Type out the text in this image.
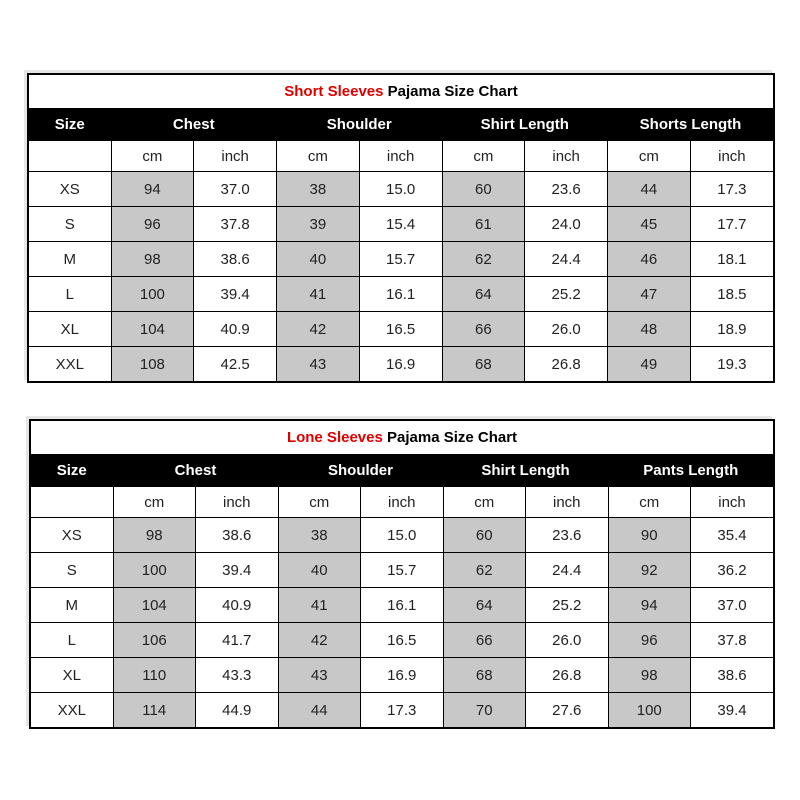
Short Sleeves Pajama Size Chart
Size	Chest		Shoulder		Shirt Length		Shorts Length	
	cm	inch	cm	inch	cm	inch	cm	inch
XS	94	37.0	38	15.0	60	23.6	44	17.3
S	96	37.8	39	15.4	61	24.0	45	17.7
M	98	38.6	40	15.7	62	24.4	46	18.1
L	100	39.4	41	16.1	64	25.2	47	18.5
XL	104	40.9	42	16.5	66	26.0	48	18.9
XXL	108	42.5	43	16.9	68	26.8	49	19.3
Lone Sleeves Pajama Size Chart
Size	Chest		Shoulder		Shirt Length		Pants Length	
	cm	inch	cm	inch	cm	inch	cm	inch
XS	98	38.6	38	15.0	60	23.6	90	35.4
S	100	39.4	40	15.7	62	24.4	92	36.2
M	104	40.9	41	16.1	64	25.2	94	37.0
L	106	41.7	42	16.5	66	26.0	96	37.8
XL	110	43.3	43	16.9	68	26.8	98	38.6
XXL	114	44.9	44	17.3	70	27.6	100	39.4
